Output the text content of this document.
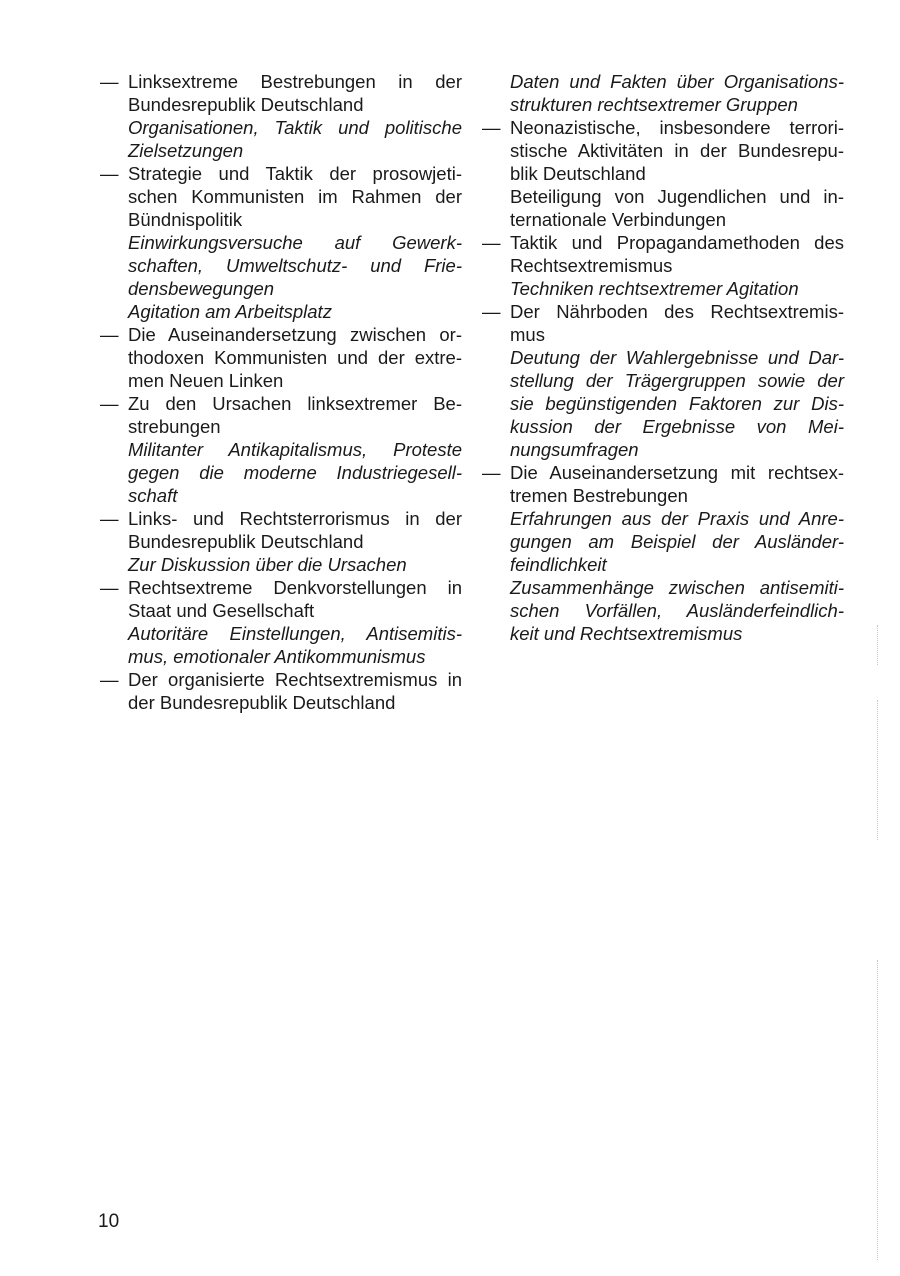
— Linksextreme Bestrebungen in der
Bundesrepublik Deutschland
Organisationen, Taktik und politische
Zielsetzungen
— Strategie und Taktik der prosowjeti-
schen Kommunisten im Rahmen der
Bündnispolitik
Einwirkungsversuche auf Gewerk-
schaften, Umweltschutz- und Frie-
densbewegungen
Agitation am Arbeitsplatz
— Die Auseinandersetzung zwischen or-
thodoxen Kommunisten und der extre-
men Neuen Linken
— Zu den Ursachen linksextremer Be-
strebungen
Militanter Antikapitalismus, Proteste
gegen die moderne Industriegesell-
schaft
— Links- und Rechtsterrorismus in der
Bundesrepublik Deutschland
Zur Diskussion über die Ursachen
— Rechtsextreme Denkvorstellungen in
Staat und Gesellschaft
Autoritäre Einstellungen, Antisemitis-
mus, emotionaler Antikommunismus
— Der organisierte Rechtsextremismus in
der Bundesrepublik Deutschland
Daten und Fakten über Organisations-
strukturen rechtsextremer Gruppen
— Neonazistische, insbesondere terrori-
stische Aktivitäten in der Bundesrepu-
blik Deutschland
Beteiligung von Jugendlichen und in-
ternationale Verbindungen
— Taktik und Propagandamethoden des
Rechtsextremismus
Techniken rechtsextremer Agitation
— Der Nährboden des Rechtsextremis-
mus
Deutung der Wahlergebnisse und Dar-
stellung der Trägergruppen sowie der
sie begünstigenden Faktoren zur Dis-
kussion der Ergebnisse von Mei-
nungsumfragen
— Die Auseinandersetzung mit rechtsex-
tremen Bestrebungen
Erfahrungen aus der Praxis und Anre-
gungen am Beispiel der Ausländer-
feindlichkeit
Zusammenhänge zwischen antisemiti-
schen Vorfällen, Ausländerfeindlich-
keit und Rechtsextremismus
10
